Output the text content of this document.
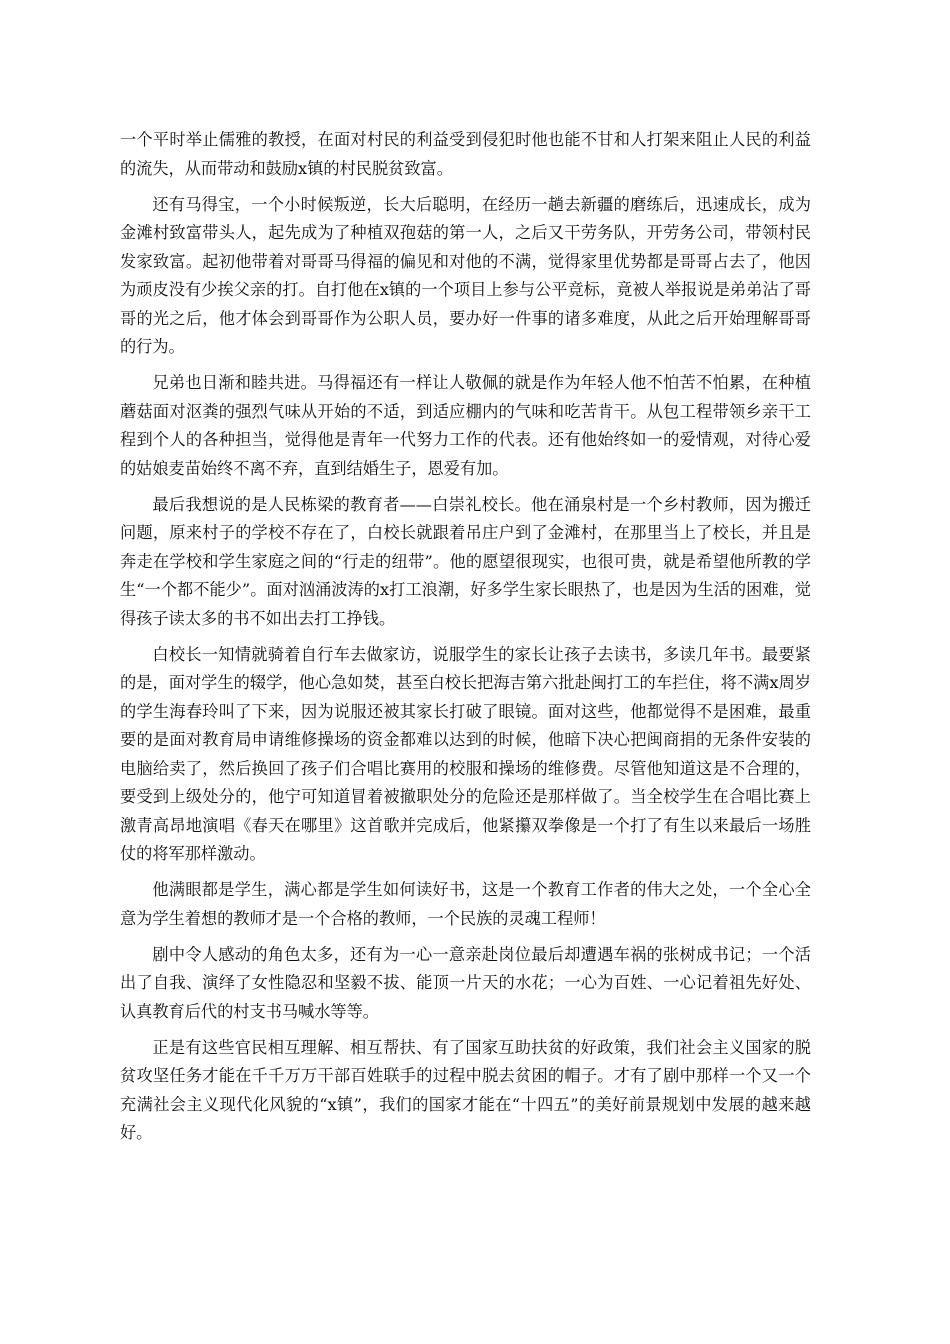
一个平时举止儒雅的教授，在面对村民的利益受到侵犯时他也能不甘和人打架来阻止人民的利益的流失，从而带动和鼓励x镇的村民脱贫致富。

还有马得宝，一个小时候叛逆，长大后聪明，在经历一趟去新疆的磨练后，迅速成长，成为金滩村致富带头人，起先成为了种植双孢菇的第一人，之后又干劳务队，开劳务公司，带领村民发家致富。起初他带着对哥哥马得福的偏见和对他的不满，觉得家里优势都是哥哥占去了，他因为顽皮没有少挨父亲的打。自打他在x镇的一个项目上参与公平竞标，竟被人举报说是弟弟沾了哥哥的光之后，他才体会到哥哥作为公职人员，要办好一件事的诸多难度，从此之后开始理解哥哥的行为。

兄弟也日渐和睦共进。马得福还有一样让人敬佩的就是作为年轻人他不怕苦不怕累，在种植蘑菇面对沤粪的强烈气味从开始的不适，到适应棚内的气味和吃苦肯干。从包工程带领乡亲干工程到个人的各种担当，觉得他是青年一代努力工作的代表。还有他始终如一的爱情观，对待心爱的姑娘麦苗始终不离不弃，直到结婚生子，恩爱有加。

最后我想说的是人民栋梁的教育者——白崇礼校长。他在涌泉村是一个乡村教师，因为搬迁问题，原来村子的学校不存在了，白校长就跟着吊庄户到了金滩村，在那里当上了校长，并且是奔走在学校和学生家庭之间的“行走的纽带”。他的愿望很现实，也很可贵，就是希望他所教的学生“一个都不能少”。面对汹涌波涛的x打工浪潮，好多学生家长眼热了，也是因为生活的困难，觉得孩子读太多的书不如出去打工挣钱。

白校长一知情就骑着自行车去做家访，说服学生的家长让孩子去读书，多读几年书。最要紧的是，面对学生的辍学，他心急如焚，甚至白校长把海吉第六批赴闽打工的车拦住，将不满x周岁的学生海春玲叫了下来，因为说服还被其家长打破了眼镜。面对这些，他都觉得不是困难，最重要的是面对教育局申请维修操场的资金都难以达到的时候，他暗下决心把闽商捐的无条件安装的电脑给卖了，然后换回了孩子们合唱比赛用的校服和操场的维修费。尽管他知道这是不合理的，要受到上级处分的，他宁可知道冒着被撤职处分的危险还是那样做了。当全校学生在合唱比赛上激青高昂地演唱《春天在哪里》这首歌并完成后，他紧攥双拳像是一个打了有生以来最后一场胜仗的将军那样激动。

他满眼都是学生，满心都是学生如何读好书，这是一个教育工作者的伟大之处，一个全心全意为学生着想的教师才是一个合格的教师，一个民族的灵魂工程师！

剧中令人感动的角色太多，还有为一心一意亲赴岗位最后却遭遇车祸的张树成书记；一个活出了自我、演绎了女性隐忍和坚毅不拔、能顶一片天的水花；一心为百姓、一心记着祖先好处、认真教育后代的村支书马喊水等等。

正是有这些官民相互理解、相互帮扶、有了国家互助扶贫的好政策，我们社会主义国家的脱贫攻坚任务才能在千千万万干部百姓联手的过程中脱去贫困的帽子。才有了剧中那样一个又一个充满社会主义现代化风貌的“x镇”，我们的国家才能在“十四五”的美好前景规划中发展的越来越好。
